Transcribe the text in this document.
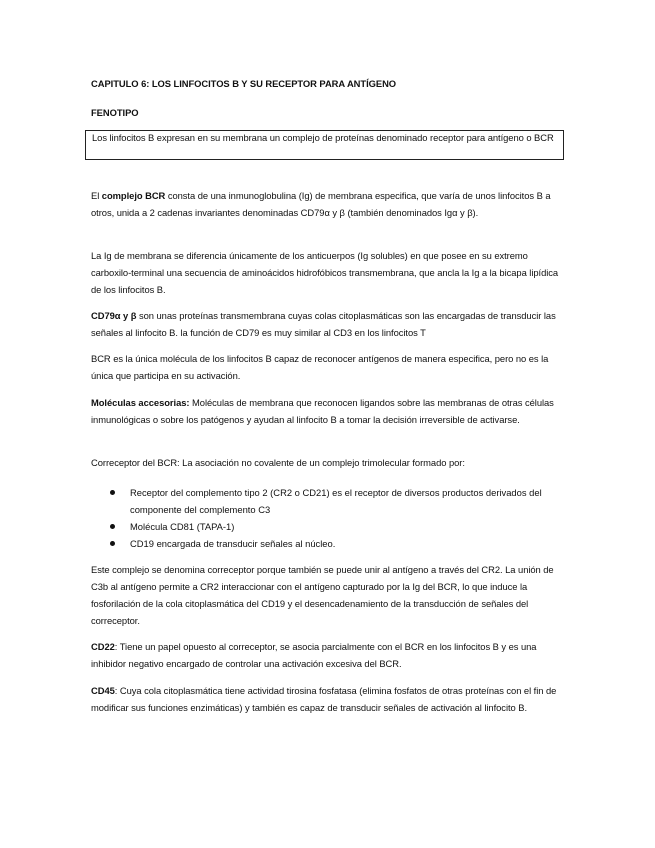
CAPITULO 6: LOS LINFOCITOS B Y SU RECEPTOR PARA ANTÍGENO
FENOTIPO
Los linfocitos B expresan en su membrana un complejo de proteínas denominado receptor para antígeno o BCR
El complejo BCR consta de una inmunoglobulina (Ig) de membrana especifica, que varía de unos linfocitos B a otros, unida a 2 cadenas invariantes denominadas CD79α y β (también denominados Igα y β).
La Ig de membrana se diferencia únicamente de los anticuerpos (Ig solubles) en que posee en su extremo carboxilo-terminal una secuencia de aminoácidos hidrofóbicos transmembrana, que ancla la Ig a la bicapa lipídica de los linfocitos B.
CD79α y β son unas proteínas transmembrana cuyas colas citoplasmáticas son las encargadas de transducir las señales al linfocito B. la función de CD79 es muy similar al CD3 en los linfocitos T
BCR es la única molécula de los linfocitos B capaz de reconocer antígenos de manera especifica, pero no es la única que participa en su activación.
Moléculas accesorias: Moléculas de membrana que reconocen ligandos sobre las membranas de otras células inmunológicas o sobre los patógenos y ayudan al linfocito B a tomar la decisión irreversible de activarse.
Correceptor del BCR: La asociación no covalente de un complejo trimolecular formado por:
Receptor del complemento tipo 2 (CR2 o CD21) es el receptor de diversos productos derivados del componente del complemento C3
Molécula CD81 (TAPA-1)
CD19 encargada de transducir señales al núcleo.
Este complejo se denomina correceptor porque también se puede unir al antígeno a través del CR2. La unión de C3b al antígeno permite a CR2 interaccionar con el antígeno capturado por la Ig del BCR, lo que induce la fosforilación de la cola citoplasmática del CD19 y el desencadenamiento de la transducción de señales del correceptor.
CD22: Tiene un papel opuesto al correceptor, se asocia parcialmente con el BCR en los linfocitos B y es una inhibidor negativo encargado de controlar una activación excesiva del BCR.
CD45: Cuya cola citoplasmática tiene actividad tirosina fosfatasa (elimina fosfatos de otras proteínas con el fin de modificar sus funciones enzimáticas) y también es capaz de transducir señales de activación al linfocito B.
